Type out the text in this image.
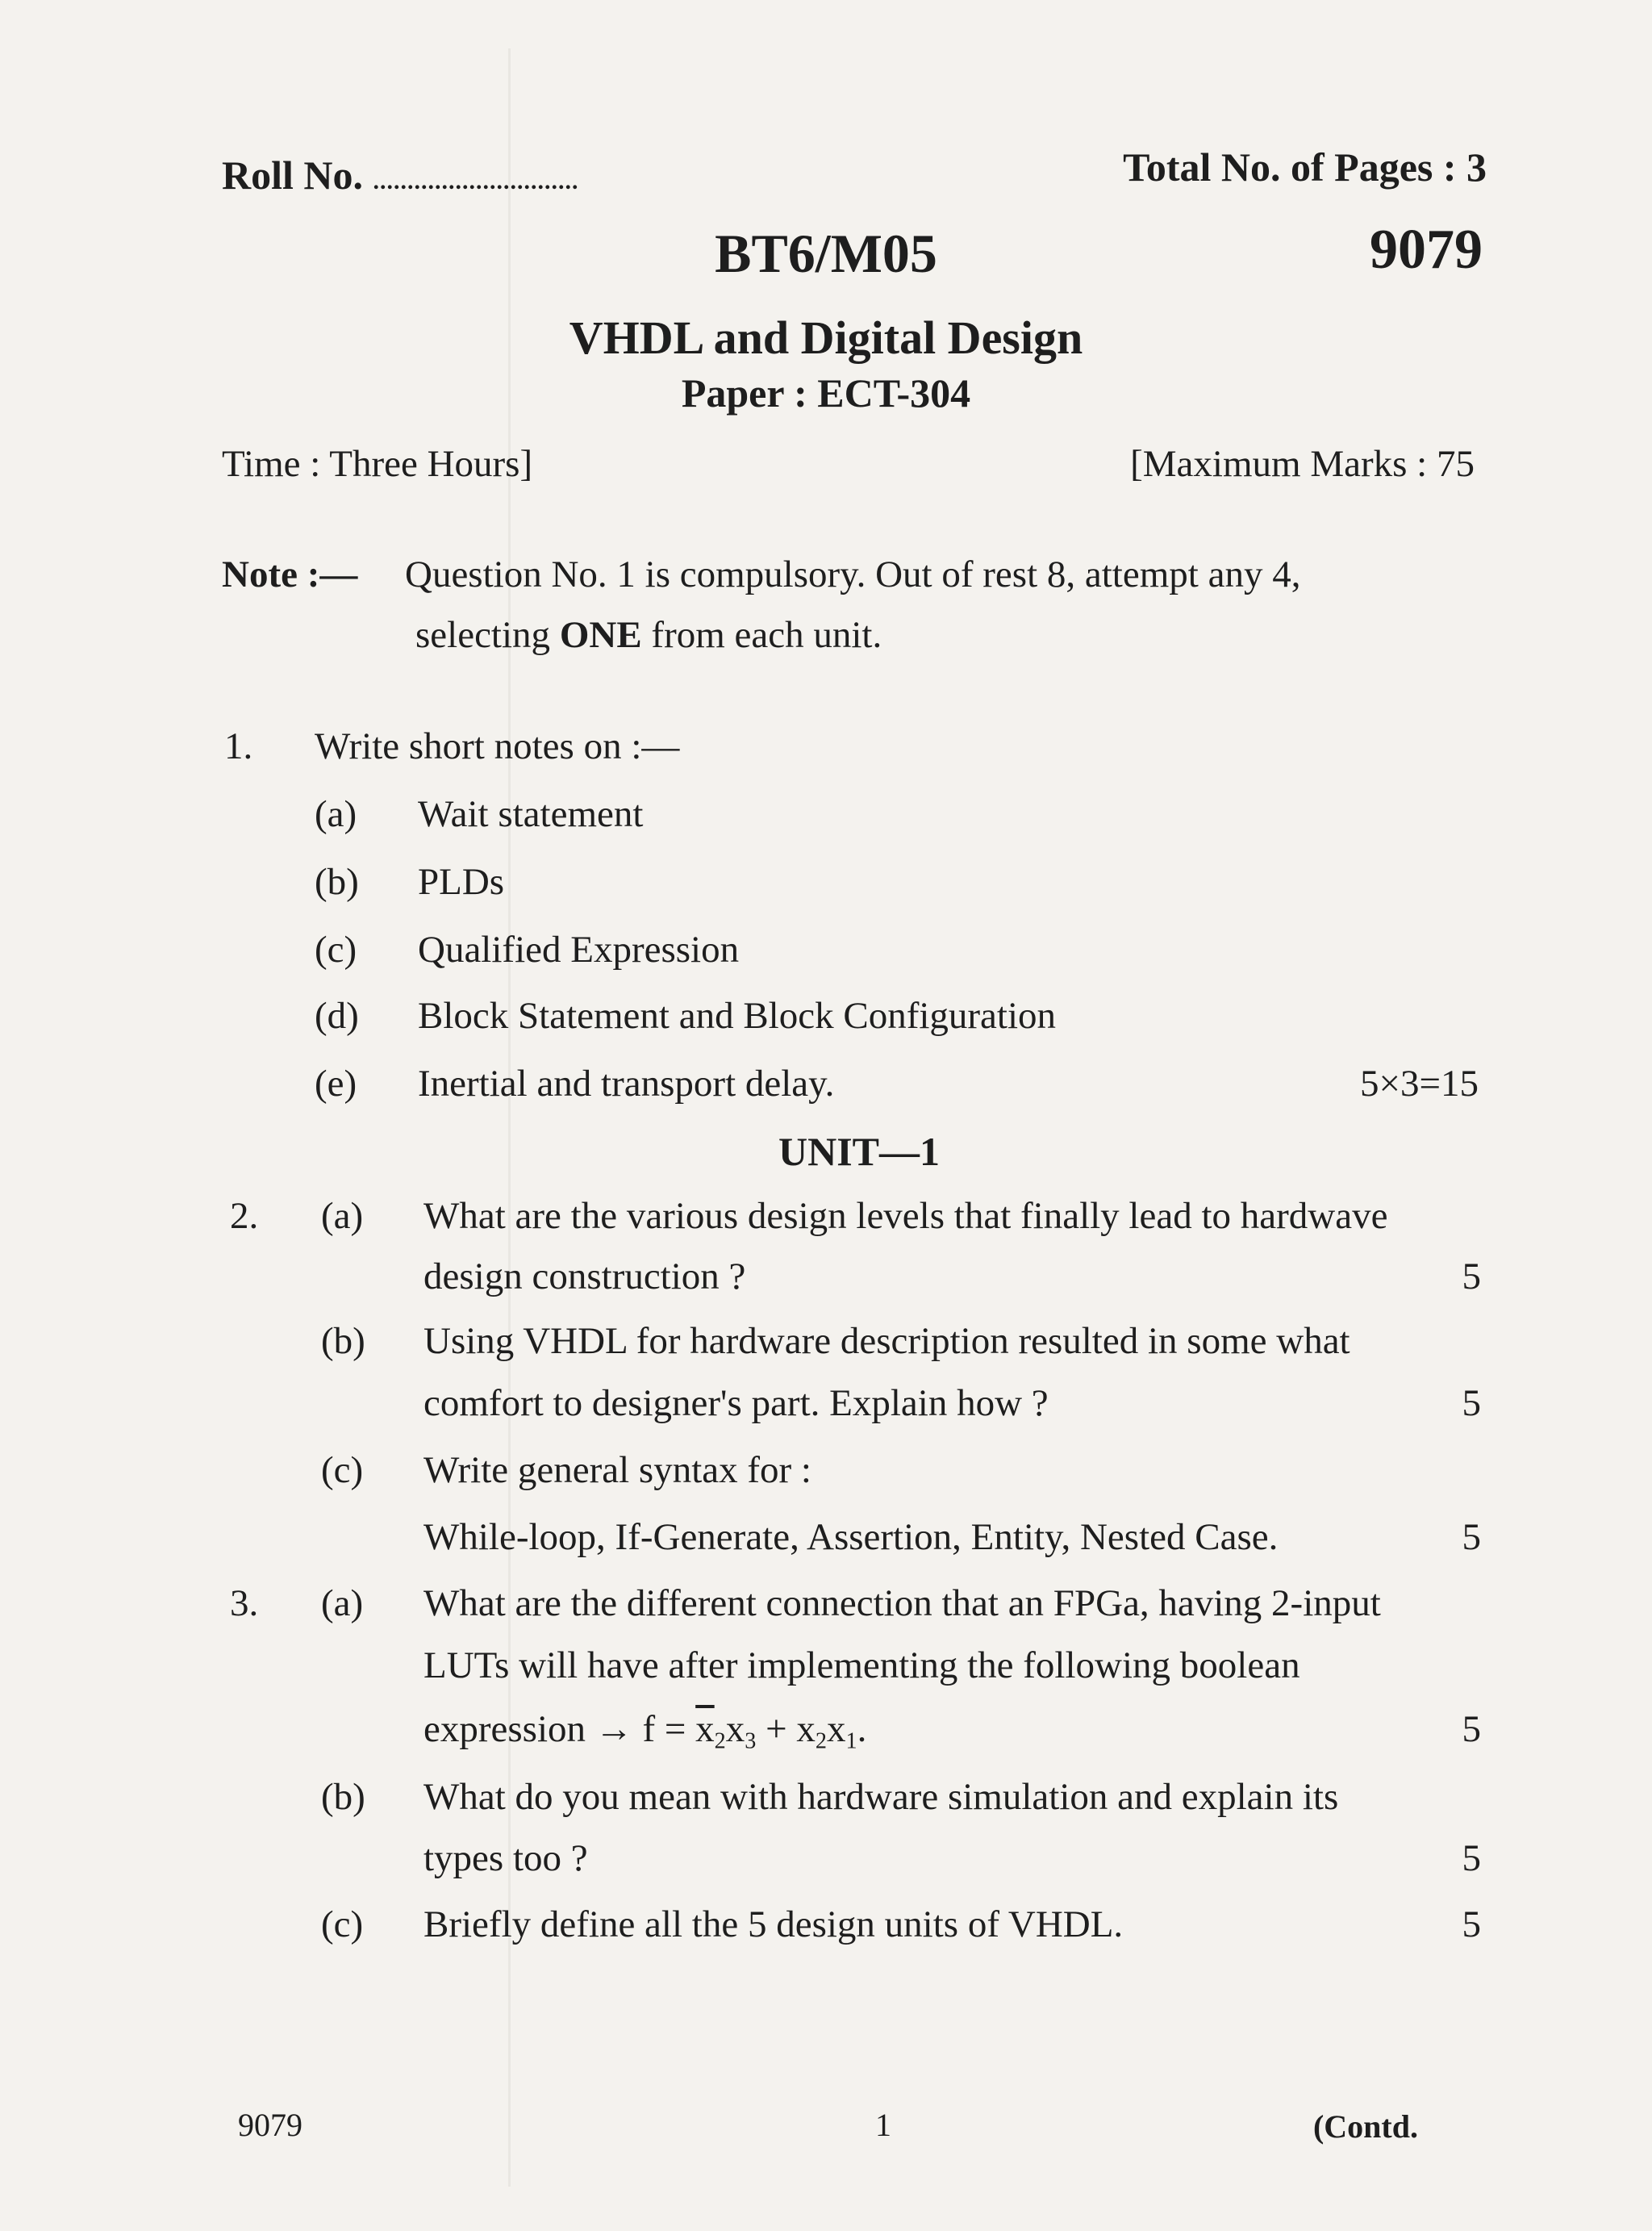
Roll No. ..............................	Total No. of Pages : 3
BT6/M05	9079
VHDL and Digital Design
Paper : ECT-304
Time : Three Hours]	[Maximum Marks : 75
Note :— Question No. 1 is compulsory. Out of rest 8, attempt any 4,
selecting ONE from each unit.
1. Write short notes on :—
(a) Wait statement
(b) PLDs
(c) Qualified Expression
(d) Block Statement and Block Configuration
(e) Inertial and transport delay.	5×3=15
UNIT—1
2. (a) What are the various design levels that finally lead to hardwave
design construction ?	5
(b) Using VHDL for hardware description resulted in some what
comfort to designer's part. Explain how ?	5
(c) Write general syntax for :
While-loop, If-Generate, Assertion, Entity, Nested Case.	5
3. (a) What are the different connection that an FPGa, having 2-input
LUTs will have after implementing the following boolean
expression → $f = \overline{x}_2x_3 + x_2x_1$.	5
(b) What do you mean with hardware simulation and explain its
types too ?	5
(c) Briefly define all the 5 design units of VHDL.	5
9079	1	(Contd.
